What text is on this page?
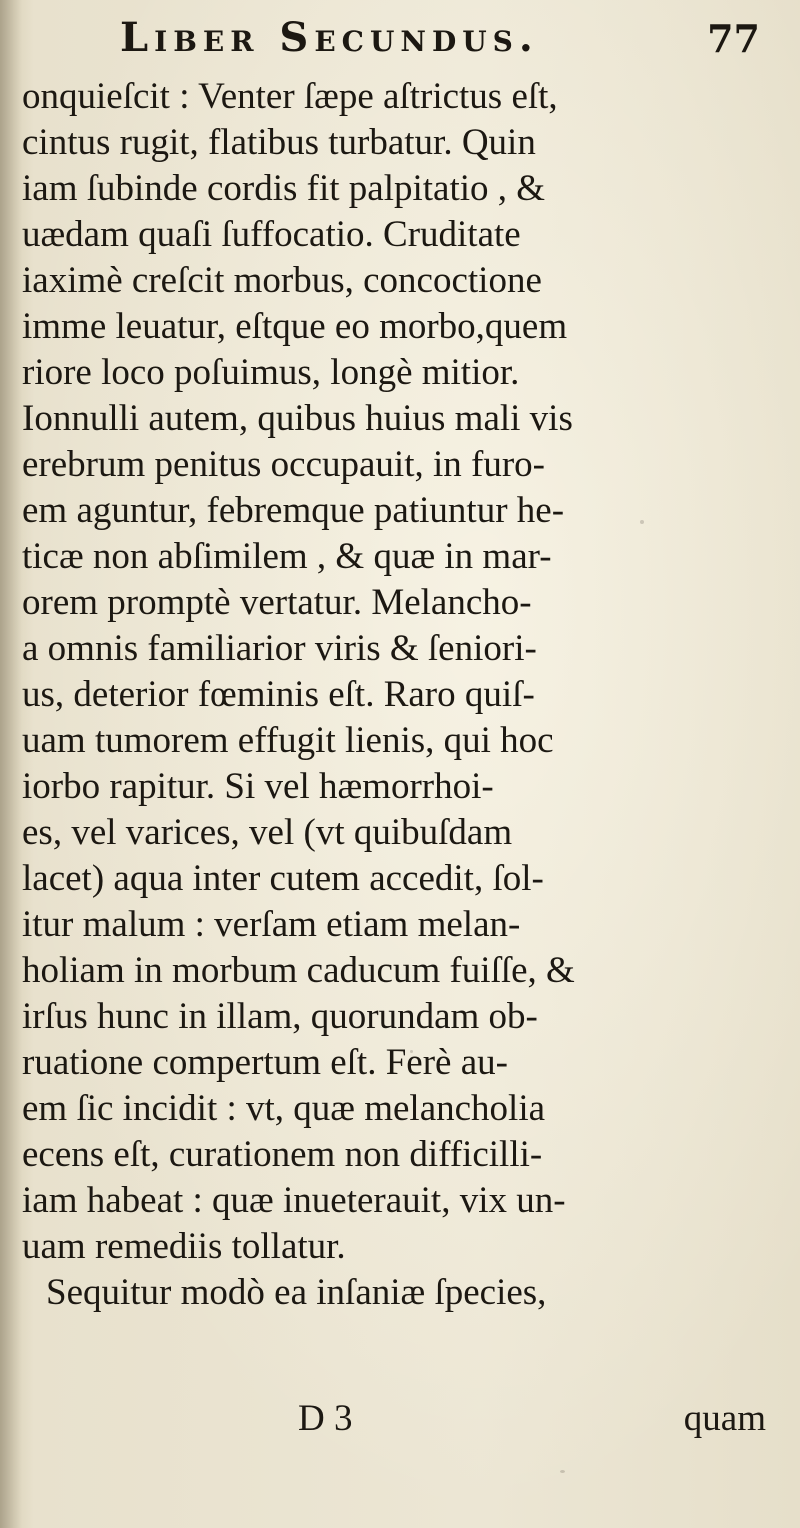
Liber Secundus.	77
onquieſcit : Venter ſæpe aſtrictus eſt,
cintus rugit, flatibus turbatur. Quin
iam ſubinde cordis fit palpitatio , &
uædam quaſi ſuffocatio. Cruditate
iaximè creſcit morbus, concoctione
imme leuatur, eſtque eo morbo,quem
riore loco poſuimus, longè mitior.
Ionnulli autem, quibus huius mali vis
erebrum penitus occupauit, in furo-
em aguntur, febremque patiuntur he-
ticæ non abſimilem , & quæ in mar-
orem promptè vertatur. Melancho-
a omnis familiarior viris & ſeniori-
us, deterior fœminis eſt. Raro quiſ-
uam tumorem effugit lienis, qui hoc
iorbo rapitur. Si vel hæmorrhoi-
es, vel varices, vel (vt quibuſdam
lacet) aqua inter cutem accedit, ſol-
itur malum : verſam etiam melan-
holiam in morbum caducum fuiſſe, &
irſus hunc in illam, quorundam ob-
ruatione compertum eſt. Ferè au-
em ſic incidit : vt, quæ melancholia
ecens eſt, curationem non difficilli-
iam habeat : quæ inueterauit, vix un-
uam remediis tollatur.
Sequitur modò ea inſaniæ ſpecies,
D 3	quam
